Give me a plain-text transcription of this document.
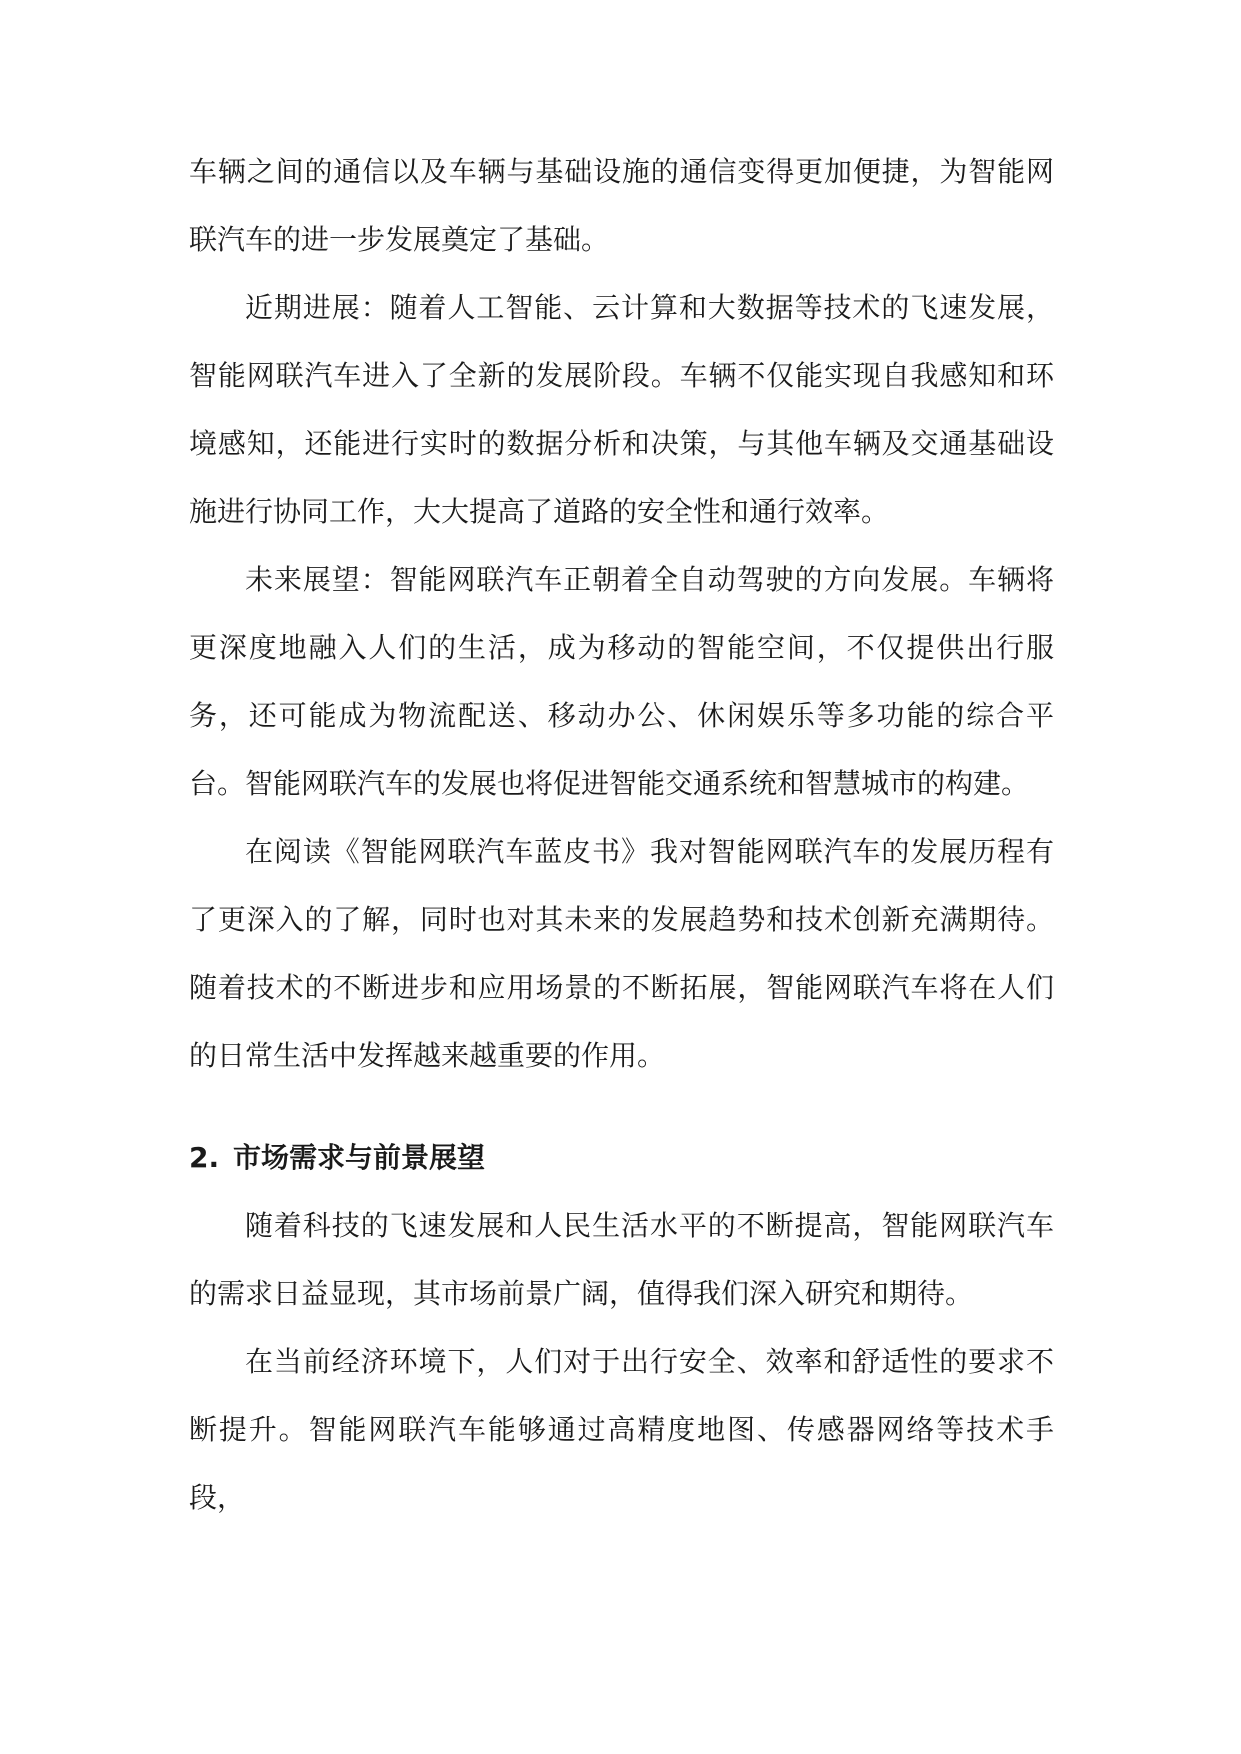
车辆之间的通信以及车辆与基础设施的通信变得更加便捷，为智能网联汽车的进一步发展奠定了基础。

近期进展：随着人工智能、云计算和大数据等技术的飞速发展，智能网联汽车进入了全新的发展阶段。车辆不仅能实现自我感知和环境感知，还能进行实时的数据分析和决策，与其他车辆及交通基础设施进行协同工作，大大提高了道路的安全性和通行效率。

未来展望：智能网联汽车正朝着全自动驾驶的方向发展。车辆将更深度地融入人们的生活，成为移动的智能空间，不仅提供出行服务，还可能成为物流配送、移动办公、休闲娱乐等多功能的综合平台。智能网联汽车的发展也将促进智能交通系统和智慧城市的构建。

在阅读《智能网联汽车蓝皮书》我对智能网联汽车的发展历程有了更深入的了解，同时也对其未来的发展趋势和技术创新充满期待。随着技术的不断进步和应用场景的不断拓展，智能网联汽车将在人们的日常生活中发挥越来越重要的作用。

2. 市场需求与前景展望

随着科技的飞速发展和人民生活水平的不断提高，智能网联汽车的需求日益显现，其市场前景广阔，值得我们深入研究和期待。

在当前经济环境下，人们对于出行安全、效率和舒适性的要求不断提升。智能网联汽车能够通过高精度地图、传感器网络等技术手段，
